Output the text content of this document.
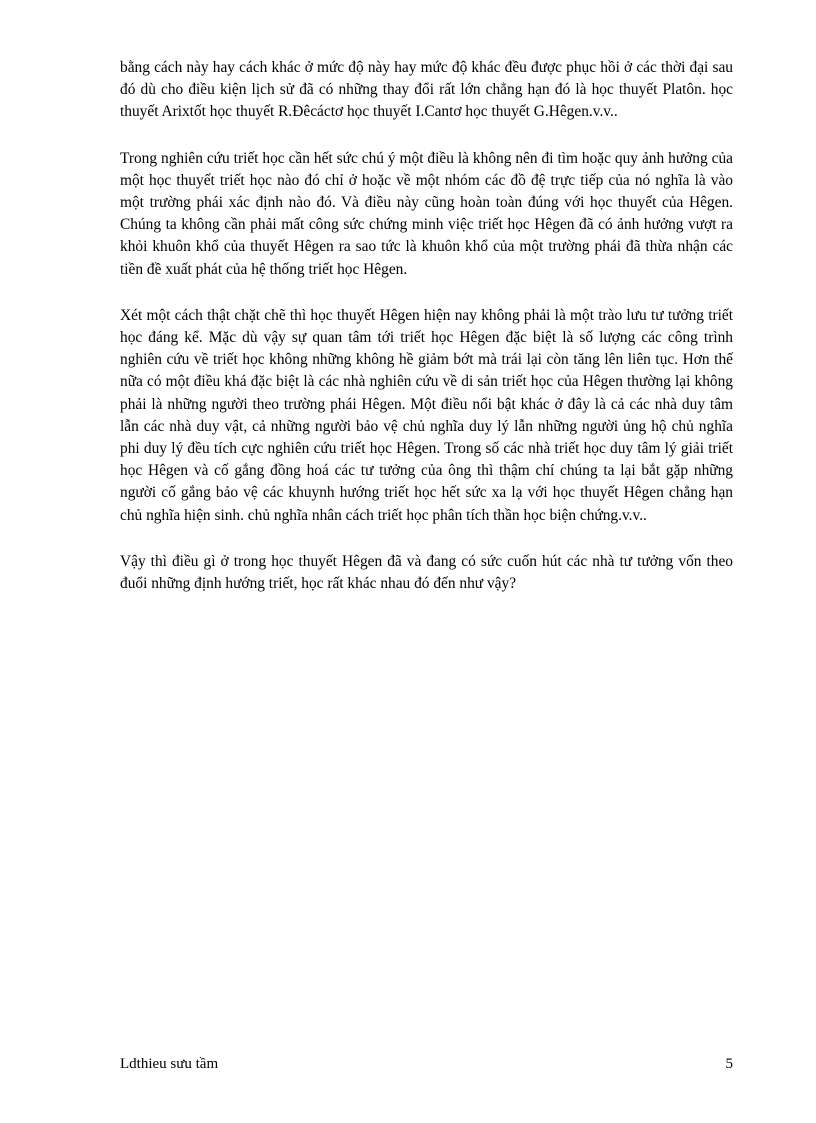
bằng cách này hay cách khác ở mức độ này hay mức độ khác đều được phục hồi ở các thời đại sau đó dù cho điều kiện lịch sử đã có những thay đổi rất lớn chẳng hạn đó là học thuyết Platôn. học thuyết Arixtốt học thuyết R.Đêcáctơ học thuyết I.Cantơ học thuyết G.Hêgen.v.v..

Trong nghiên cứu triết học cần hết sức chú ý một điều là không nên đi tìm hoặc quy ảnh hưởng của một học thuyết triết học nào đó chỉ ở hoặc về một nhóm các đồ đệ trực tiếp của nó nghĩa là vào một trường phái xác định nào đó. Và điều này cũng hoàn toàn đúng với học thuyết của Hêgen. Chúng ta không cần phải mất công sức chứng minh việc triết học Hêgen đã có ảnh hưởng vượt ra khỏi khuôn khổ của thuyết Hêgen ra sao tức là khuôn khổ của một trường phái đã thừa nhận các tiền đề xuất phát của hệ thống triết học Hêgen.

Xét một cách thật chặt chẽ thì học thuyết Hêgen hiện nay không phải là một trào lưu tư tưởng triết học đáng kể. Mặc dù vậy sự quan tâm tới triết học Hêgen đặc biệt là số lượng các công trình nghiên cứu về triết học không những không hề giảm bớt mà trái lại còn tăng lên liên tục. Hơn thế nữa có một điều khá đặc biệt là các nhà nghiên cứu về di sản triết học của Hêgen thường lại không phải là những người theo trường phái Hêgen. Một điều nổi bật khác ở đây là cả các nhà duy tâm lẫn các nhà duy vật, cả những người bảo vệ chủ nghĩa duy lý lẫn những người ủng hộ chủ nghĩa phi duy lý đều tích cực nghiên cứu triết học Hêgen. Trong số các nhà triết học duy tâm lý giải triết học Hêgen và cố gắng đồng hoá các tư tưởng của ông thì thậm chí chúng ta lại bắt gặp những người cố gắng bảo vệ các khuynh hướng triết học hết sức xa lạ với học thuyết Hêgen chẳng hạn chủ nghĩa hiện sinh. chủ nghĩa nhân cách triết học phân tích thần học biện chứng.v.v..

Vậy thì điều gì ở trong học thuyết Hêgen đã và đang có sức cuốn hút các nhà tư tưởng vốn theo đuổi những định hướng triết, học rất khác nhau đó đến như vậy?

Ldthieu sưu tầm	5
